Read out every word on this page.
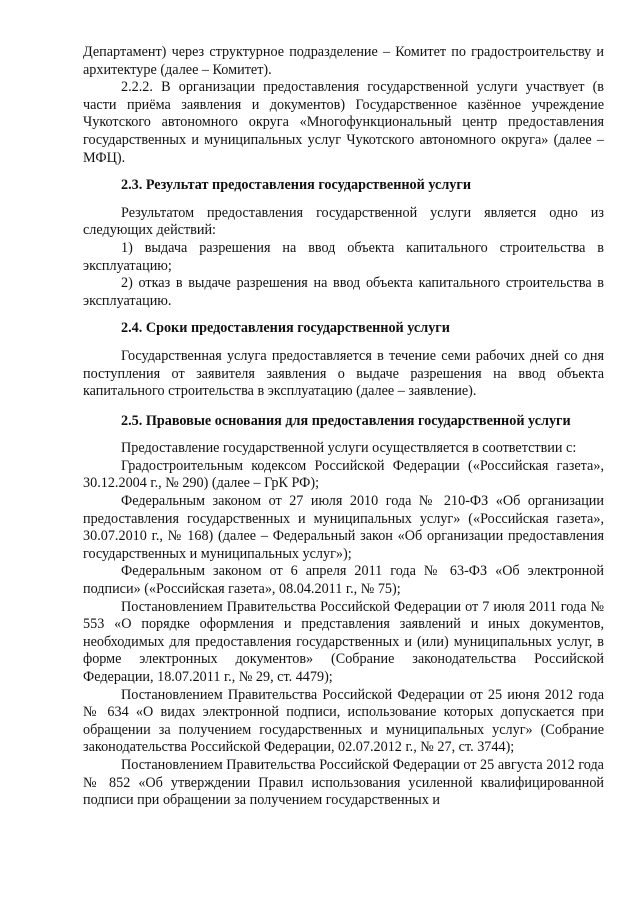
Департамент) через структурное подразделение – Комитет по градостроительству и архитектуре (далее – Комитет).

2.2.2. В организации предоставления государственной услуги участвует (в части приёма заявления и документов) Государственное казённое учреждение Чукотского автономного округа «Многофункциональный центр предоставления государственных и муниципальных услуг Чукотского автономного округа» (далее – МФЦ).

2.3. Результат предоставления государственной услуги

Результатом предоставления государственной услуги является одно из следующих действий:

1) выдача разрешения на ввод объекта капитального строительства в эксплуатацию;

2) отказ в выдаче разрешения на ввод объекта капитального строительства в эксплуатацию.

2.4. Сроки предоставления государственной услуги

Государственная услуга предоставляется в течение семи рабочих дней со дня поступления от заявителя заявления о выдаче разрешения на ввод объекта капитального строительства в эксплуатацию (далее – заявление).

2.5. Правовые основания для предоставления государственной услуги

Предоставление государственной услуги осуществляется в соответствии с:

Градостроительным кодексом Российской Федерации («Российская газета», 30.12.2004 г., № 290) (далее – ГрК РФ);

Федеральным законом от 27 июля 2010 года № 210-ФЗ «Об организации предоставления государственных и муниципальных услуг» («Российская газета», 30.07.2010 г., № 168) (далее – Федеральный закон «Об организации предоставления государственных и муниципальных услуг»);

Федеральным законом от 6 апреля 2011 года № 63-ФЗ «Об электронной подписи» («Российская газета», 08.04.2011 г., № 75);

Постановлением Правительства Российской Федерации от 7 июля 2011 года № 553 «О порядке оформления и представления заявлений и иных документов, необходимых для предоставления государственных и (или) муниципальных услуг, в форме электронных документов» (Собрание законодательства Российской Федерации, 18.07.2011 г., № 29, ст. 4479);

Постановлением Правительства Российской Федерации от 25 июня 2012 года № 634 «О видах электронной подписи, использование которых допускается при обращении за получением государственных и муниципальных услуг» (Собрание законодательства Российской Федерации, 02.07.2012 г., № 27, ст. 3744);

Постановлением Правительства Российской Федерации от 25 августа 2012 года № 852 «Об утверждении Правил использования усиленной квалифицированной подписи при обращении за получением государственных и
